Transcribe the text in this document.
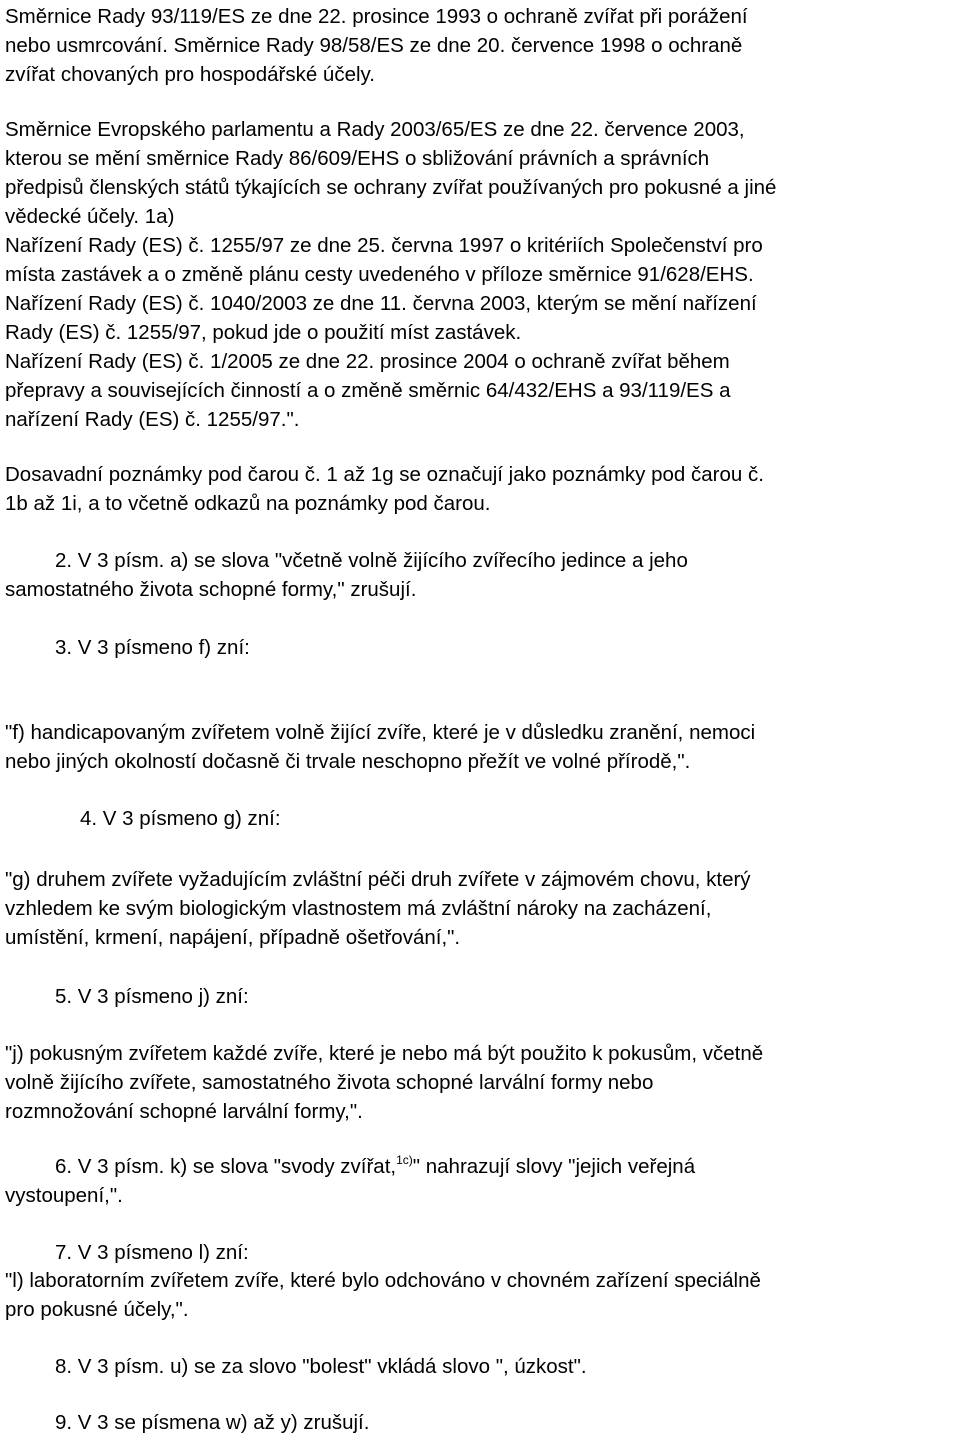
Směrnice Rady 93/119/ES ze dne 22. prosince 1993 o ochraně zvířat při porážení
nebo usmrcování. Směrnice Rady 98/58/ES ze dne 20. července 1998 o ochraně
zvířat chovaných pro hospodářské účely.
Směrnice Evropského parlamentu a Rady 2003/65/ES ze dne 22. července 2003,
kterou se mění směrnice Rady 86/609/EHS o sbližování právních a správních
předpisů členských států týkajících se ochrany zvířat používaných pro pokusné a jiné
vědecké účely. 1a)
Nařízení Rady (ES) č. 1255/97 ze dne 25. června 1997 o kritériích Společenství pro
místa zastávek a o změně plánu cesty uvedeného v příloze směrnice 91/628/EHS.
Nařízení Rady (ES) č. 1040/2003 ze dne 11. června 2003, kterým se mění nařízení
Rady (ES) č. 1255/97, pokud jde o použití míst zastávek.
Nařízení Rady (ES) č. 1/2005 ze dne 22. prosince 2004 o ochraně zvířat během
přepravy a souvisejících činností a o změně směrnic 64/432/EHS a 93/119/ES a
nařízení Rady (ES) č. 1255/97.".
Dosavadní poznámky pod čarou č. 1 až 1g se označují jako poznámky pod čarou č.
1b až 1i, a to včetně odkazů na poznámky pod čarou.
2. V 3 písm. a) se slova "včetně volně žijícího zvířecího jedince a jeho
samostatného života schopné formy," zrušují.
3. V 3 písmeno f) zní:
"f) handicapovaným zvířetem volně žijící zvíře, které je v důsledku zranění, nemoci
nebo jiných okolností dočasně či trvale neschopno přežít ve volné přírodě,".
4. V 3 písmeno g) zní:
"g) druhem zvířete vyžadujícím zvláštní péči druh zvířete v zájmovém chovu, který
vzhledem ke svým biologickým vlastnostem má zvláštní nároky na zacházení,
umístění, krmení, napájení, případně ošetřování,".
5. V 3 písmeno j) zní:
"j) pokusným zvířetem každé zvíře, které je nebo má být použito k pokusům, včetně
volně žijícího zvířete, samostatného života schopné larvální formy nebo
rozmnožování schopné larvální formy,".
6. V 3 písm. k) se slova "svody zvířat,$^{1c)}$" nahrazují slovy "jejich veřejná
vystoupení,".
7. V 3 písmeno l) zní:
"l) laboratorním zvířetem zvíře, které bylo odchováno v chovném zařízení speciálně
pro pokusné účely,".
8. V 3 písm. u) se za slovo "bolest" vkládá slovo ", úzkost".
9. V 3 se písmena w) až y) zrušují.
